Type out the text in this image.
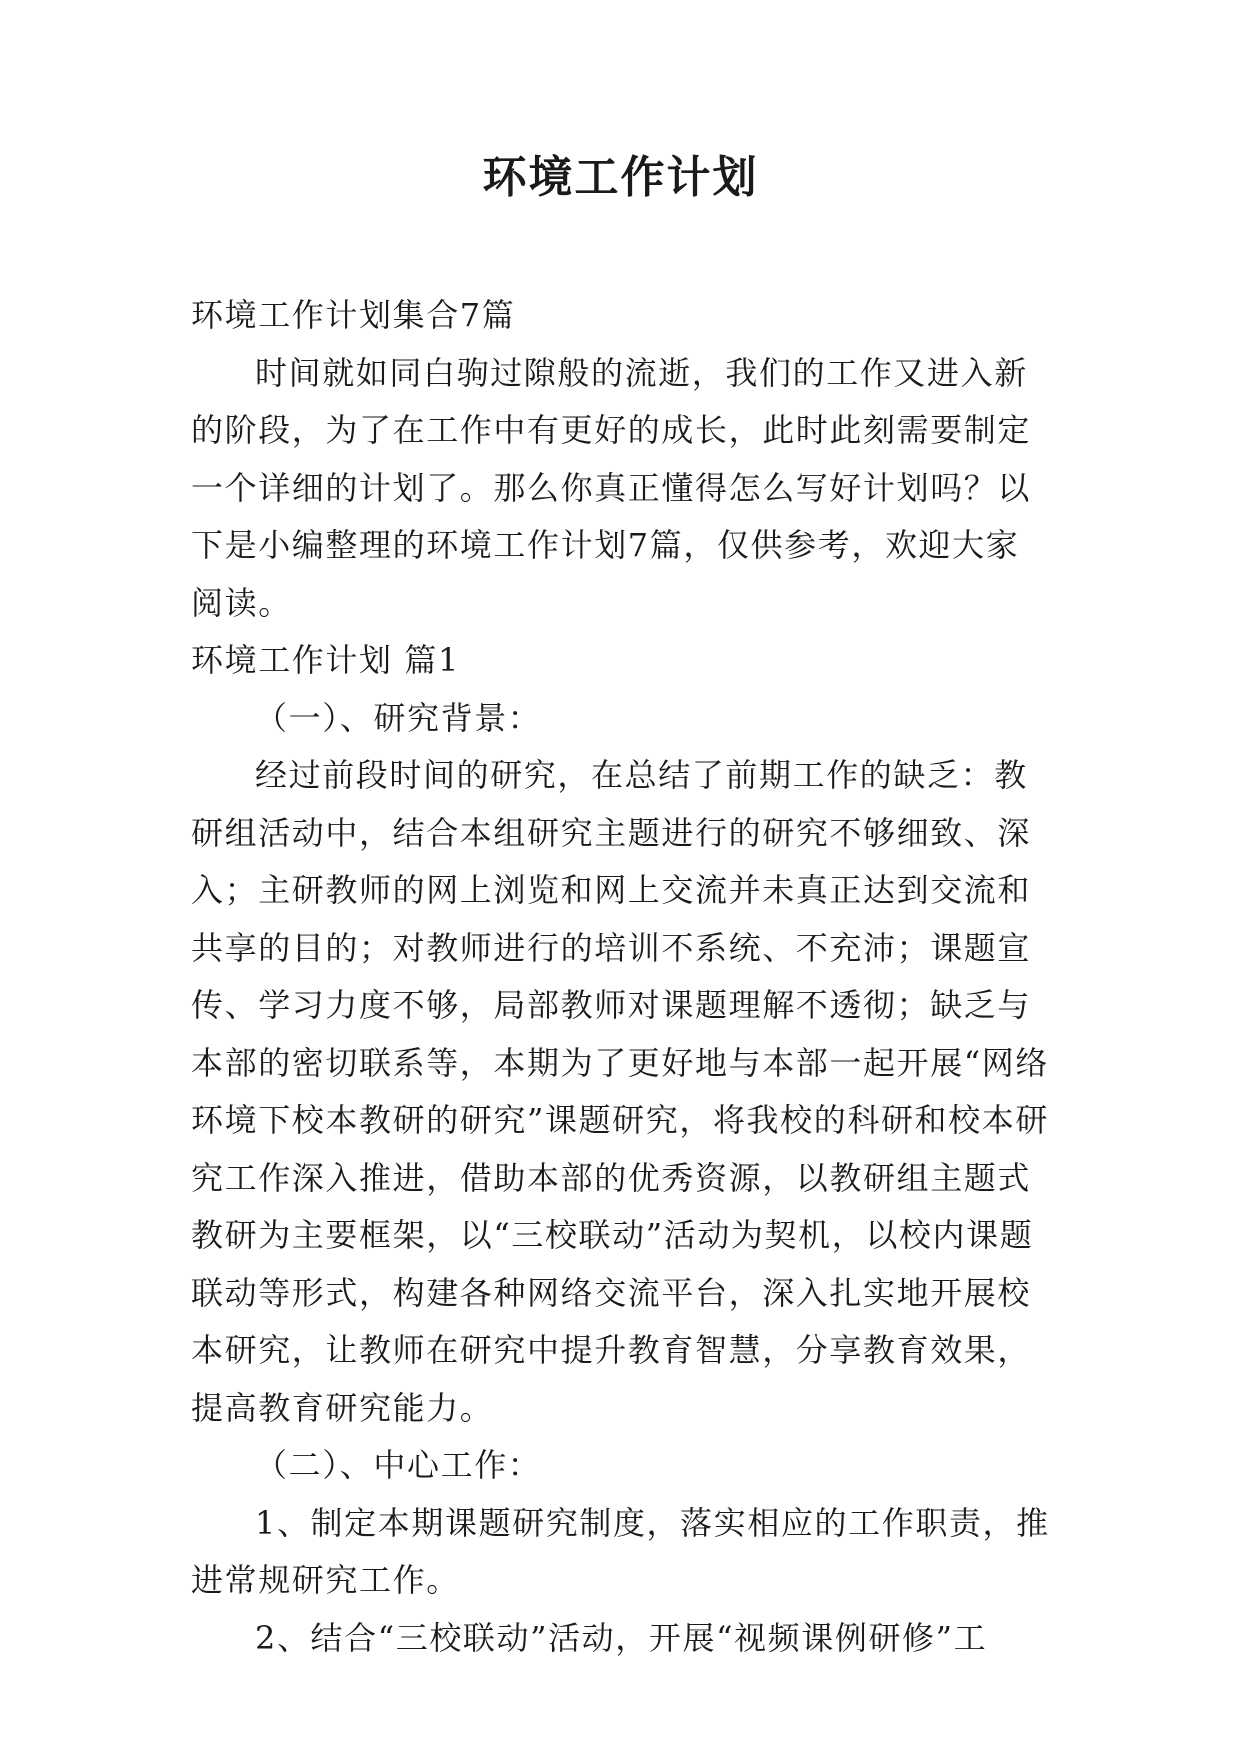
环境工作计划

环境工作计划集合7篇

时间就如同白驹过隙般的流逝，我们的工作又进入新的阶段，为了在工作中有更好的成长，此时此刻需要制定一个详细的计划了。那么你真正懂得怎么写好计划吗？以下是小编整理的环境工作计划7篇，仅供参考，欢迎大家阅读。

环境工作计划 篇1

（一）、研究背景：

经过前段时间的研究，在总结了前期工作的缺乏：教研组活动中，结合本组研究主题进行的研究不够细致、深入；主研教师的网上浏览和网上交流并未真正达到交流和共享的目的；对教师进行的培训不系统、不充沛；课题宣传、学习力度不够，局部教师对课题理解不透彻；缺乏与本部的密切联系等，本期为了更好地与本部一起开展“网络环境下校本教研的研究”课题研究，将我校的科研和校本研究工作深入推进，借助本部的优秀资源，以教研组主题式教研为主要框架，以“三校联动”活动为契机，以校内课题联动等形式，构建各种网络交流平台，深入扎实地开展校本研究，让教师在研究中提升教育智慧，分享教育效果，提高教育研究能力。

（二）、中心工作：

1、制定本期课题研究制度，落实相应的工作职责，推进常规研究工作。

2、结合“三校联动”活动，开展“视频课例研修”工
